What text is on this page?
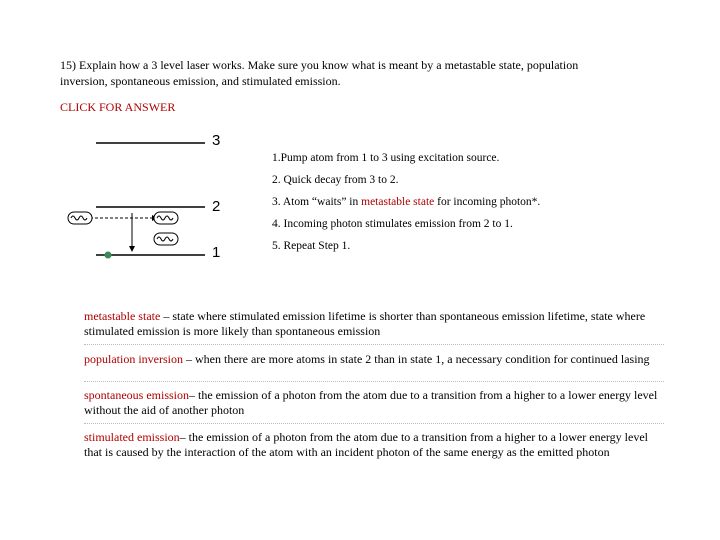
15) Explain how a 3 level laser works. Make sure you know what is meant by a metastable state, population inversion, spontaneous emission, and stimulated emission.
CLICK FOR ANSWER
3
2
1
1.Pump atom from 1 to 3 using excitation source.
2. Quick decay from 3 to 2.
3. Atom “waits” in metastable state for incoming photon*.
4. Incoming photon stimulates emission from 2 to 1.
5. Repeat Step 1.
metastable state – state where stimulated emission lifetime is shorter than spontaneous emission lifetime, state where stimulated emission is more likely than spontaneous emission
population inversion – when there are more atoms in state 2 than in state 1, a necessary condition for continued lasing
spontaneous emission– the emission of a photon from the atom due to a transition from a higher to a lower energy level without the aid of another photon
stimulated emission– the emission of a photon from the atom due to a transition from a higher to a lower energy level that is caused by the interaction of the atom with an incident photon of the same energy as the emitted photon
